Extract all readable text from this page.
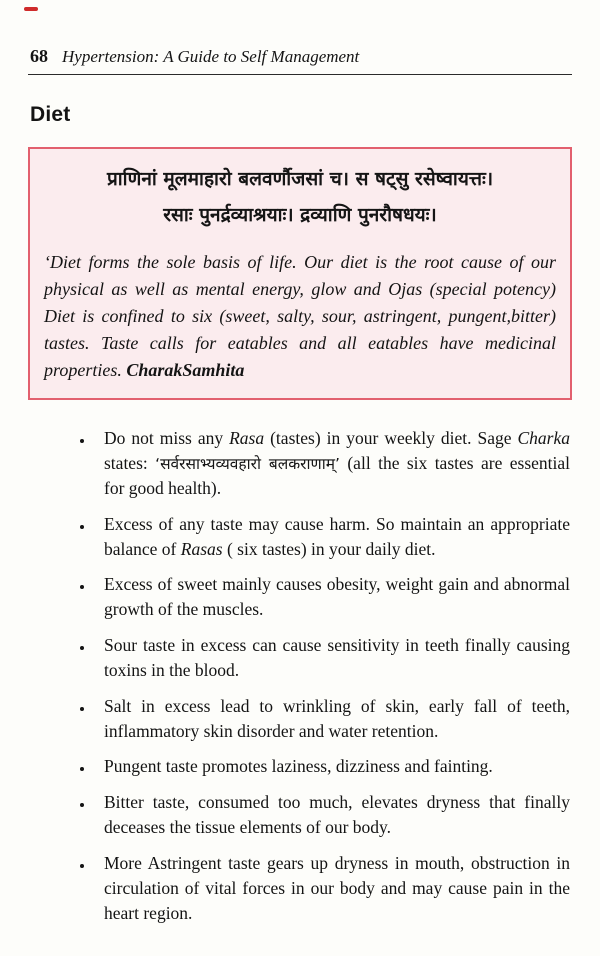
68 Hypertension: A Guide to Self Management
Diet
प्राणिनां मूलमाहारो बलवर्णौजसां च। स षट्सु रसेष्वायत्तः।
रसाः पुनर्द्रव्याश्रयाः। द्रव्याणि पुनरौषधयः।

‘Diet forms the sole basis of life. Our diet is the root cause of our physical as well as mental energy, glow and Ojas (special potency) Diet is confined to six (sweet, salty, sour, astringent, pungent,bitter) tastes. Taste calls for eatables and all eatables have medicinal properties. CharakSamhita

• Do not miss any Rasa (tastes) in your weekly diet. Sage Charka states: ‘सर्वरसाभ्यव्यवहारो बलकराणाम्’ (all the six tastes are essential for good health).
• Excess of any taste may cause harm. So maintain an appropriate balance of Rasas ( six tastes) in your daily diet.
• Excess of sweet mainly causes obesity, weight gain and abnormal growth of the muscles.
• Sour taste in excess can cause sensitivity in teeth finally causing toxins in the blood.
• Salt in excess lead to wrinkling of skin, early fall of teeth, inflammatory skin disorder and water retention.
• Pungent taste promotes laziness, dizziness and fainting.
• Bitter taste, consumed too much, elevates dryness that finally deceases the tissue elements of our body.
• More Astringent taste gears up dryness in mouth, obstruction in circulation of vital forces in our body and may cause pain in the heart region.
